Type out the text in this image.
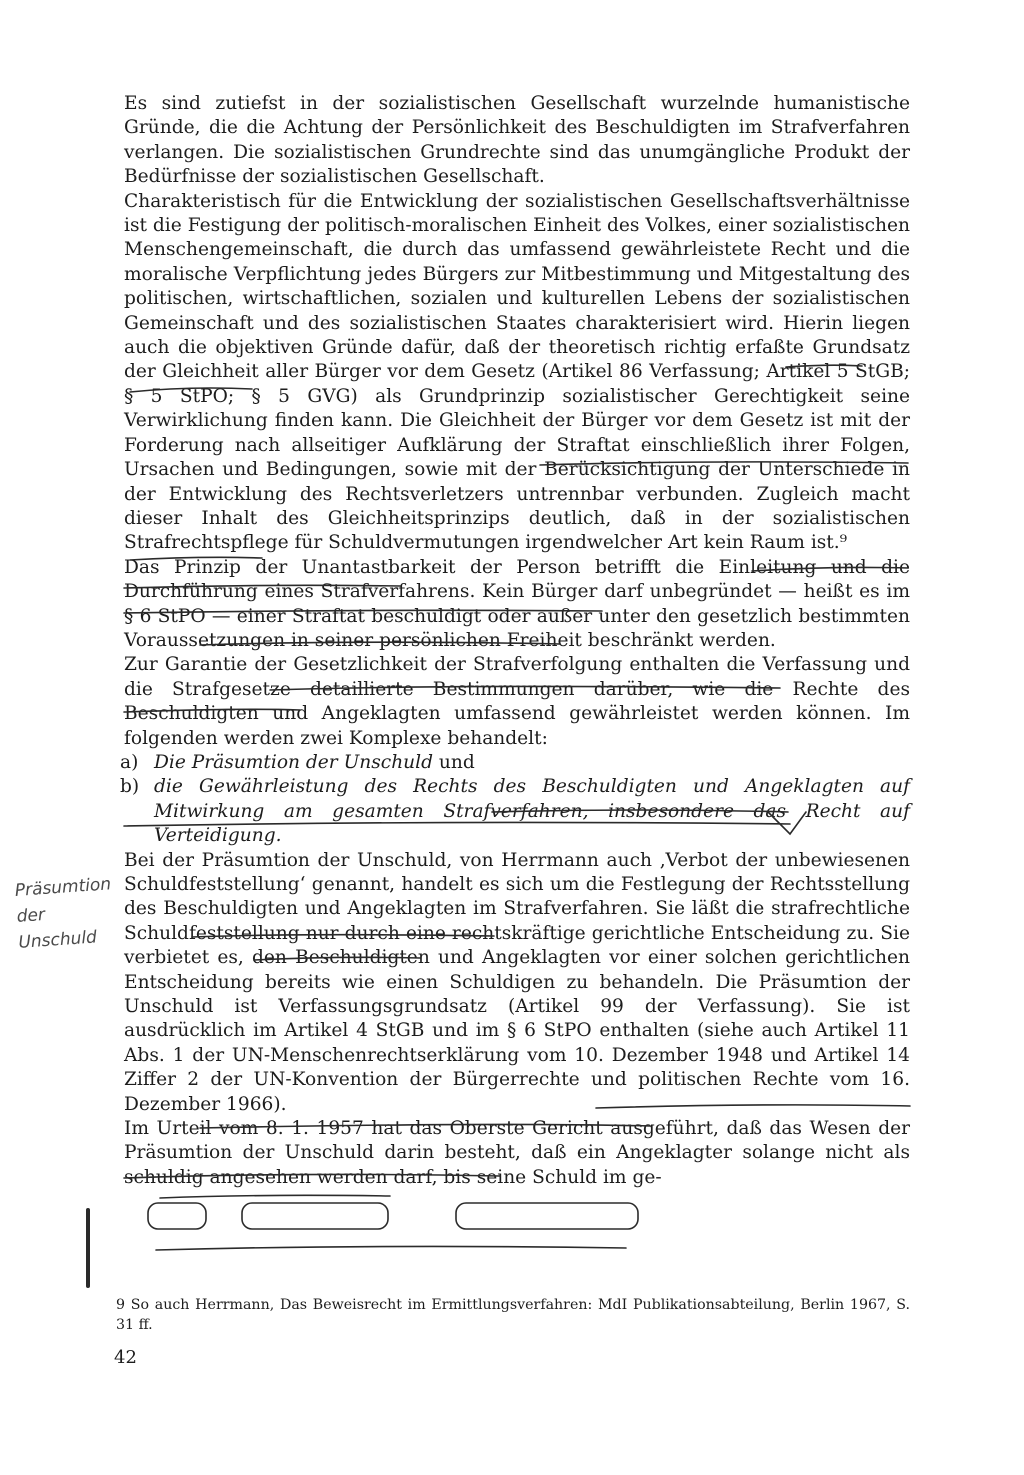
Es sind zutiefst in der sozialistischen Gesellschaft wurzelnde humanistische Gründe, die die Achtung der Persönlichkeit des Beschuldigten im Strafverfahren verlangen. Die sozialistischen Grundrechte sind das unumgängliche Produkt der Bedürfnisse der sozialistischen Gesellschaft.

Charakteristisch für die Entwicklung der sozialistischen Gesellschaftsverhältnisse ist die Festigung der politisch-moralischen Einheit des Volkes, einer sozialistischen Menschengemeinschaft, die durch das umfassend gewährleistete Recht und die moralische Verpflichtung jedes Bürgers zur Mitbestimmung und Mitgestaltung des politischen, wirtschaftlichen, sozialen und kulturellen Lebens der sozialistischen Gemeinschaft und des sozialistischen Staates charakterisiert wird. Hierin liegen auch die objektiven Gründe dafür, daß der theoretisch richtig erfaßte Grundsatz der Gleichheit aller Bürger vor dem Gesetz (Artikel 86 Verfassung; Artikel 5 StGB; § 5 StPO; § 5 GVG) als Grundprinzip sozialistischer Gerechtigkeit seine Verwirklichung finden kann. Die Gleichheit der Bürger vor dem Gesetz ist mit der Forderung nach allseitiger Aufklärung der Straftat einschließlich ihrer Folgen, Ursachen und Bedingungen, sowie mit der Berücksichtigung der Unterschiede in der Entwicklung des Rechtsverletzers untrennbar verbunden. Zugleich macht dieser Inhalt des Gleichheitsprinzips deutlich, daß in der sozialistischen Strafrechtspflege für Schuldvermutungen irgendwelcher Art kein Raum ist.⁹

Das Prinzip der Unantastbarkeit der Person betrifft die Einleitung und die Durchführung eines Strafverfahrens. Kein Bürger darf unbegründet — heißt es im § 6 StPO — einer Straftat beschuldigt oder außer unter den gesetzlich bestimmten Voraussetzungen in seiner persönlichen Freiheit beschränkt werden.

Zur Garantie der Gesetzlichkeit der Strafverfolgung enthalten die Verfassung und die Strafgesetze detaillierte Bestimmungen darüber, wie die Rechte des Beschuldigten und Angeklagten umfassend gewährleistet werden können. Im folgenden werden zwei Komplexe behandelt:

a) Die Präsumtion der Unschuld und
b) die Gewährleistung des Rechts des Beschuldigten und Angeklagten auf Mitwirkung am gesamten Strafverfahren, insbesondere das Recht auf Verteidigung.

Bei der Präsumtion der Unschuld, von Herrmann auch ‚Verbot der unbewiesenen Schuldfeststellung‘ genannt, handelt es sich um die Festlegung der Rechtsstellung des Beschuldigten und Angeklagten im Strafverfahren. Sie läßt die strafrechtliche Schuldfeststellung nur durch eine rechtskräftige gerichtliche Entscheidung zu. Sie verbietet es, den Beschuldigten und Angeklagten vor einer solchen gerichtlichen Entscheidung bereits wie einen Schuldigen zu behandeln. Die Präsumtion der Unschuld ist Verfassungsgrundsatz (Artikel 99 der Verfassung). Sie ist ausdrücklich im Artikel 4 StGB und im § 6 StPO enthalten (siehe auch Artikel 11 Abs. 1 der UN-Menschenrechtserklärung vom 10. Dezember 1948 und Artikel 14 Ziffer 2 der UN-Konvention der Bürgerrechte und politischen Rechte vom 16. Dezember 1966).

Im Urteil vom 8. 1. 1957 hat das Oberste Gericht ausgeführt, daß das Wesen der Präsumtion der Unschuld darin besteht, daß ein Angeklagter solange nicht als schuldig angesehen werden darf, bis seine Schuld im ge-

Präsumtion
der
Unschuld

9 So auch Herrmann, Das Beweisrecht im Ermittlungsverfahren: MdI Publikationsabteilung, Berlin 1967, S. 31 ff.

42
